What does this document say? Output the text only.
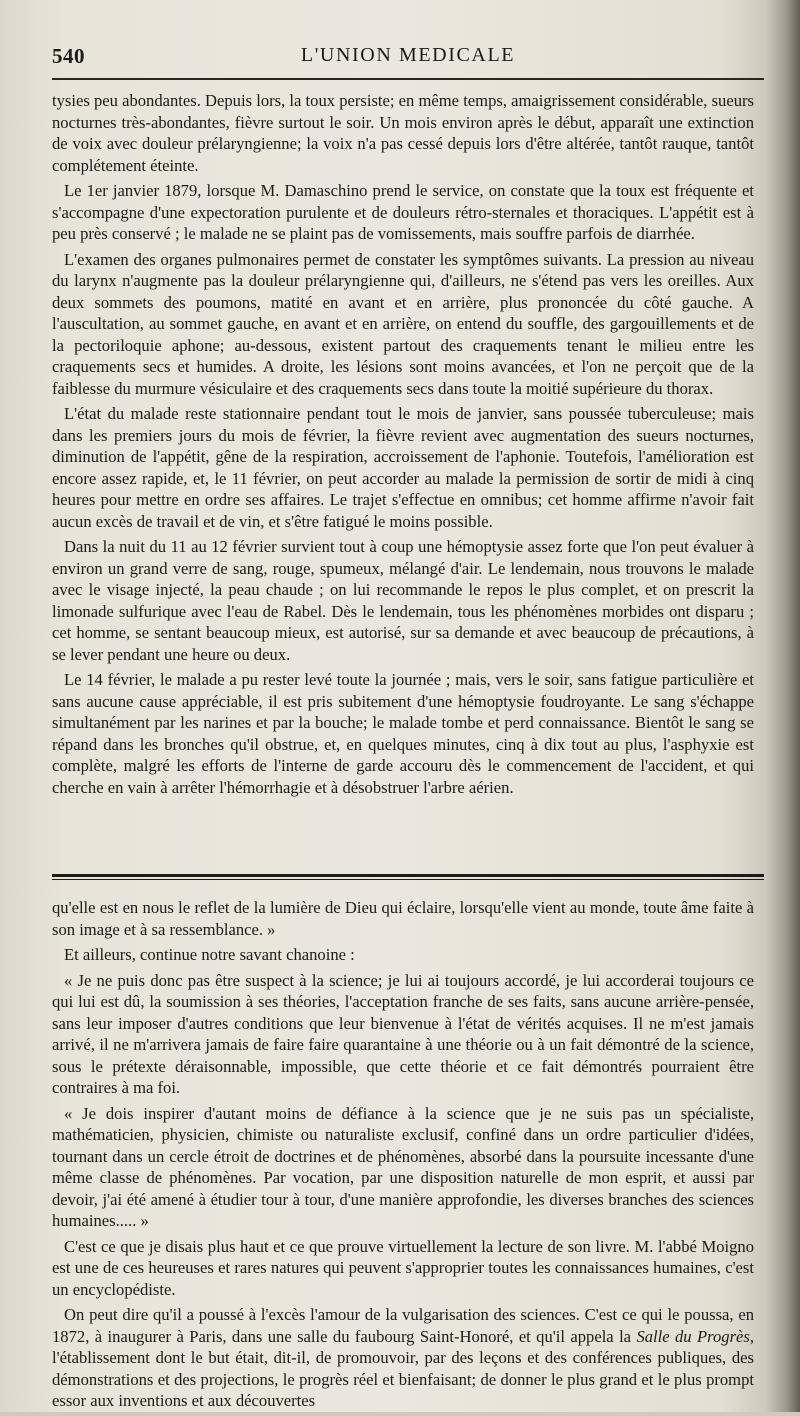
540	L'UNION MEDICALE

tysies peu abondantes. Depuis lors, la toux persiste; en même temps, amaigrissement considérable, sueurs nocturnes très-abondantes, fièvre surtout le soir. Un mois environ après le début, apparaît une extinction de voix avec douleur prélaryngienne; la voix n'a pas cessé depuis lors d'être altérée, tantôt rauque, tantôt complétement éteinte.

Le 1er janvier 1879, lorsque M. Damaschino prend le service, on constate que la toux est fréquente et s'accompagne d'une expectoration purulente et de douleurs rétro-sternales et thoraciques. L'appétit est à peu près conservé ; le malade ne se plaint pas de vomissements, mais souffre parfois de diarrhée.

L'examen des organes pulmonaires permet de constater les symptômes suivants. La pression au niveau du larynx n'augmente pas la douleur prélaryngienne qui, d'ailleurs, ne s'étend pas vers les oreilles. Aux deux sommets des poumons, matité en avant et en arrière, plus prononcée du côté gauche. A l'auscultation, au sommet gauche, en avant et en arrière, on entend du souffle, des gargouillements et de la pectoriloquie aphone; au-dessous, existent partout des craquements tenant le milieu entre les craquements secs et humides. A droite, les lésions sont moins avancées, et l'on ne perçoit que de la faiblesse du murmure vésiculaire et des craquements secs dans toute la moitié supérieure du thorax.

L'état du malade reste stationnaire pendant tout le mois de janvier, sans poussée tuberculeuse; mais dans les premiers jours du mois de février, la fièvre revient avec augmentation des sueurs nocturnes, diminution de l'appétit, gêne de la respiration, accroissement de l'aphonie. Toutefois, l'amélioration est encore assez rapide, et, le 11 février, on peut accorder au malade la permission de sortir de midi à cinq heures pour mettre en ordre ses affaires. Le trajet s'effectue en omnibus; cet homme affirme n'avoir fait aucun excès de travail et de vin, et s'être fatigué le moins possible.

Dans la nuit du 11 au 12 février survient tout à coup une hémoptysie assez forte que l'on peut évaluer à environ un grand verre de sang, rouge, spumeux, mélangé d'air. Le lendemain, nous trouvons le malade avec le visage injecté, la peau chaude ; on lui recommande le repos le plus complet, et on prescrit la limonade sulfurique avec l'eau de Rabel. Dès le lendemain, tous les phénomènes morbides ont disparu ; cet homme, se sentant beaucoup mieux, est autorisé, sur sa demande et avec beaucoup de précautions, à se lever pendant une heure ou deux.

Le 14 février, le malade a pu rester levé toute la journée ; mais, vers le soir, sans fatigue particulière et sans aucune cause appréciable, il est pris subitement d'une hémoptysie foudroyante. Le sang s'échappe simultanément par les narines et par la bouche; le malade tombe et perd connaissance. Bientôt le sang se répand dans les bronches qu'il obstrue, et, en quelques minutes, cinq à dix tout au plus, l'asphyxie est complète, malgré les efforts de l'interne de garde accouru dès le commencement de l'accident, et qui cherche en vain à arrêter l'hémorrhagie et à désobstruer l'arbre aérien.

qu'elle est en nous le reflet de la lumière de Dieu qui éclaire, lorsqu'elle vient au monde, toute âme faite à son image et à sa ressemblance. »

Et ailleurs, continue notre savant chanoine :

« Je ne puis donc pas être suspect à la science; je lui ai toujours accordé, je lui accorderai toujours ce qui lui est dû, la soumission à ses théories, l'acceptation franche de ses faits, sans aucune arrière-pensée, sans leur imposer d'autres conditions que leur bienvenue à l'état de vérités acquises. Il ne m'est jamais arrivé, il ne m'arrivera jamais de faire faire quarantaine à une théorie ou à un fait démontré de la science, sous le prétexte déraisonnable, impossible, que cette théorie et ce fait démontrés pourraient être contraires à ma foi.

« Je dois inspirer d'autant moins de défiance à la science que je ne suis pas un spécialiste, mathématicien, physicien, chimiste ou naturaliste exclusif, confiné dans un ordre particulier d'idées, tournant dans un cercle étroit de doctrines et de phénomènes, absorbé dans la poursuite incessante d'une même classe de phénomènes. Par vocation, par une disposition naturelle de mon esprit, et aussi par devoir, j'ai été amené à étudier tour à tour, d'une manière approfondie, les diverses branches des sciences humaines..... »

C'est ce que je disais plus haut et ce que prouve virtuellement la lecture de son livre. M. l'abbé Moigno est une de ces heureuses et rares natures qui peuvent s'approprier toutes les connaissances humaines, c'est un encyclopédiste.

On peut dire qu'il a poussé à l'excès l'amour de la vulgarisation des sciences. C'est ce qui le poussa, en 1872, à inaugurer à Paris, dans une salle du faubourg Saint-Honoré, et qu'il appela la Salle du Progrès, l'établissement dont le but était, dit-il, de promouvoir, par des leçons et des conférences publiques, des démonstrations et des projections, le progrès réel et bienfaisant; de donner le plus grand et le plus prompt essor aux inventions et aux découvertes
